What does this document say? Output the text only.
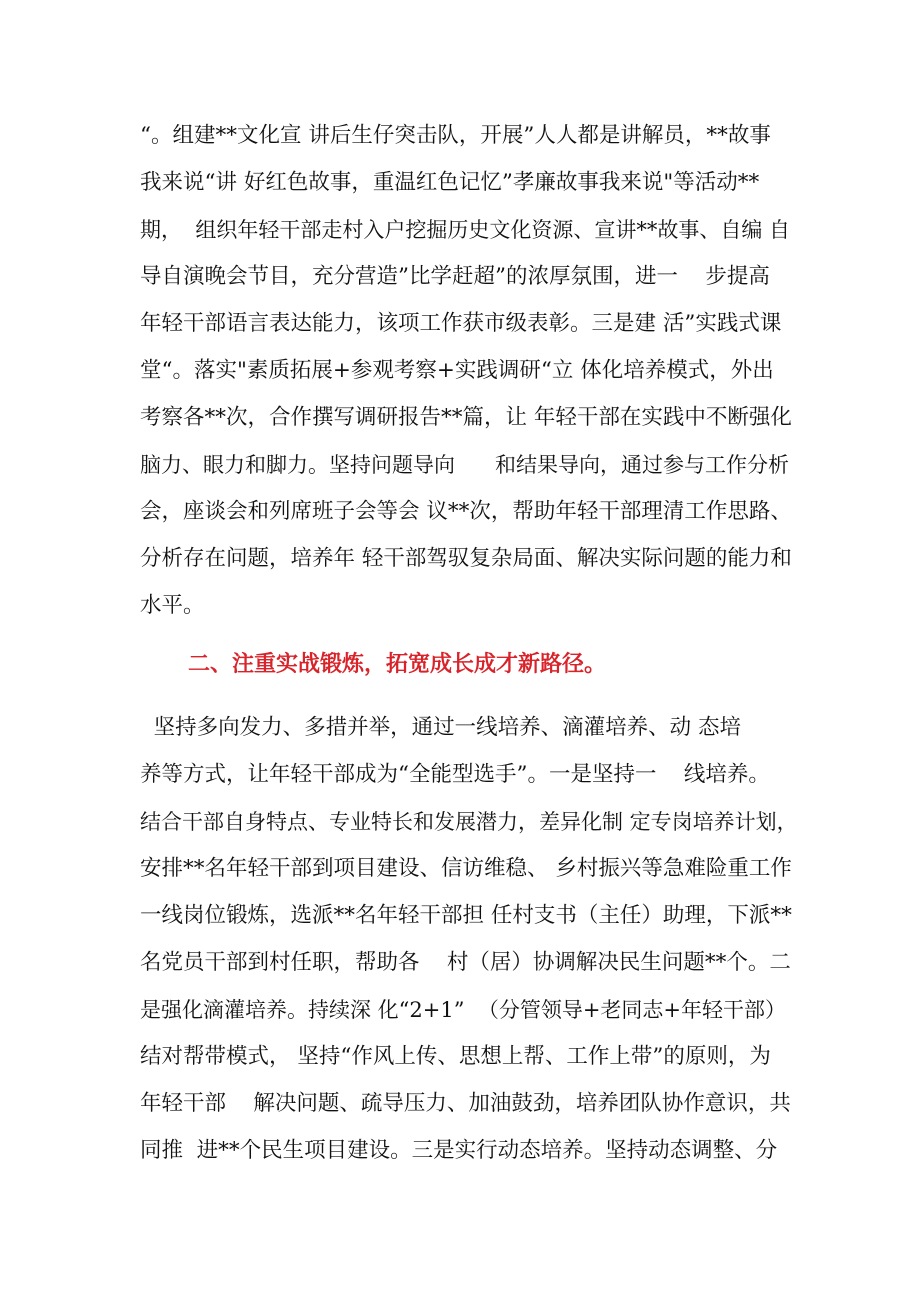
“。组建**文化宣 讲后生仔突击队，开展”人人都是讲解员，**故事
我来说“讲 好红色故事，重温红色记忆”孝廉故事我来说"等活动**
期，  组织年轻干部走村入户挖掘历史文化资源、宣讲**故事、自编 自
导自演晚会节目，充分营造”比学赶超”的浓厚氛围，进一    步提高
年轻干部语言表达能力，该项工作获市级表彰。三是建 活”实践式课
堂“。落实"素质拓展+参观考察+实践调研“立 体化培养模式，外出
考察各**次，合作撰写调研报告**篇，让 年轻干部在实践中不断强化
脑力、眼力和脚力。坚持问题导向      和结果导向，通过参与工作分析
会，座谈会和列席班子会等会 议**次，帮助年轻干部理清工作思路、
分析存在问题，培养年 轻干部驾驭复杂局面、解决实际问题的能力和
水平。
二、注重实战锻炼，拓宽成长成才新路径。
坚持多向发力、多措并举，通过一线培养、滴灌培养、动 态培
养等方式，让年轻干部成为“全能型选手”。一是坚持一    线培养。
结合干部自身特点、专业特长和发展潜力，差异化制 定专岗培养计划，
安排**名年轻干部到项目建设、信访维稳、 乡村振兴等急难险重工作
一线岗位锻炼，选派**名年轻干部担 任村支书（主任）助理，下派**
名党员干部到村任职，帮助各    村（居）协调解决民生问题**个。二
是强化滴灌培养。持续深 化“2+1”  （分管领导+老同志+年轻干部）
结对帮带模式， 坚持“作风上传、思想上帮、工作上带”的原则，为
年轻干部    解决问题、疏导压力、加油鼓劲，培养团队协作意识，共
同推  进**个民生项目建设。三是实行动态培养。坚持动态调整、分
